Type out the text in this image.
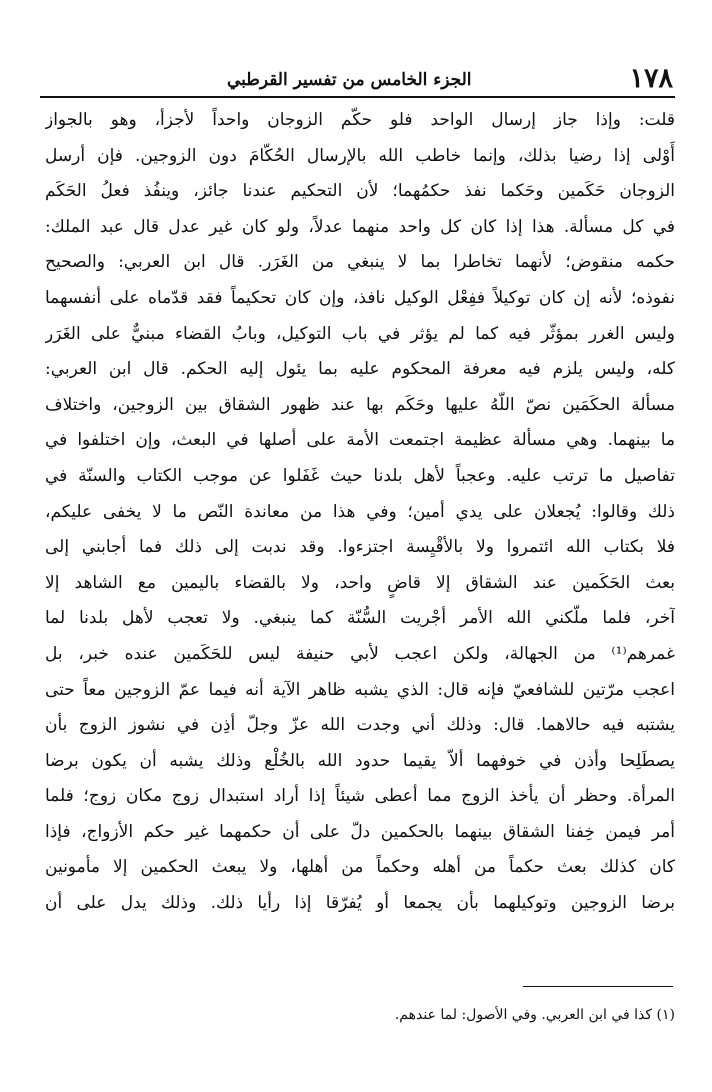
١٧٨
الجزء الخامس من تفسير القرطبي
قلت: وإذا جاز إرسال الواحد فلو حكّم الزوجان واحداً لأجزأ، وهو بالجواز
أَوْلى إذا رضيا بذلك، وإنما خاطب الله بالإرسال الحُكّامَ دون الزوجين. فإن أرسل
الزوجان حَكَمين وحَكما نفذ حكمُهما؛ لأن التحكيم عندنا جائز، وينفُذ فعلُ الحَكَم
في كل مسألة. هذا إذا كان كل واحد منهما عدلاً، ولو كان غير عدل قال عبد الملك:
حكمه منقوض؛ لأنهما تخاطرا بما لا ينبغي من الغَرَر. قال ابن العربي: والصحيح
نفوذه؛ لأنه إن كان توكيلاً ففِعْل الوكيل نافذ، وإن كان تحكيماً فقد قدّماه على أنفسهما
وليس الغرر بمؤثّر فيه كما لم يؤثر في باب التوكيل، وبابُ القضاء مبنيٌّ على الغَرَر
كله، وليس يلزم فيه معرفة المحكوم عليه بما يئول إليه الحكم. قال ابن العربي:
مسألة الحكَمَين نصّ اللّهُ عليها وحَكَم بها عند ظهور الشقاق بين الزوجين، واختلاف
ما بينهما. وهي مسألة عظيمة اجتمعت الأمة على أصلها في البعث، وإن اختلفوا في
تفاصيل ما ترتب عليه. وعجباً لأهل بلدنا حيث غَفَلوا عن موجب الكتاب والسنّة في
ذلك وقالوا: يُجعلان على يدي أمين؛ وفي هذا من معاندة النّص ما لا يخفى عليكم،
فلا بكتاب الله ائتمروا ولا بالأقْيِسة اجتزءوا. وقد ندبت إلى ذلك فما أجابني إلى
بعث الحَكَمين عند الشقاق إلا قاضٍ واحد، ولا بالقضاء باليمين مع الشاهد إلا
آخر، فلما ملّكني الله الأمر أجْريت السُّنّة كما ينبغي. ولا تعجب لأهل بلدنا لما
غمرهم⁽¹⁾ من الجهالة، ولكن اعجب لأبي حنيفة ليس للحَكَمين عنده خبر، بل
اعجب مرّتين للشافعيّ فإنه قال: الذي يشبه ظاهر الآية أنه فيما عمّ الزوجين معاً حتى
يشتبه فيه حالاهما. قال: وذلك أني وجدت الله عزّ وجلّ أذِن في نشوز الزوج بأن
يصطَلِحا وأذن في خوفهما ألاّ يقيما حدود الله بالخُلْع وذلك يشبه أن يكون برضا
المرأة. وحظر أن يأخذ الزوج مما أعطى شيئاً إذا أراد استبدال زوج مكان زوج؛ فلما
أمر فيمن خِفنا الشقاق بينهما بالحكمين دلّ على أن حكمهما غير حكم الأزواج، فإذا
كان كذلك بعث حكماً من أهله وحكماً من أهلها، ولا يبعث الحكمين إلا مأمونين
برضا الزوجين وتوكيلهما بأن يجمعا أو يُفرّقا إذا رأيا ذلك. وذلك يدل على أن
(١) كذا في ابن العربي. وفي الأصول: لما عندهم.
